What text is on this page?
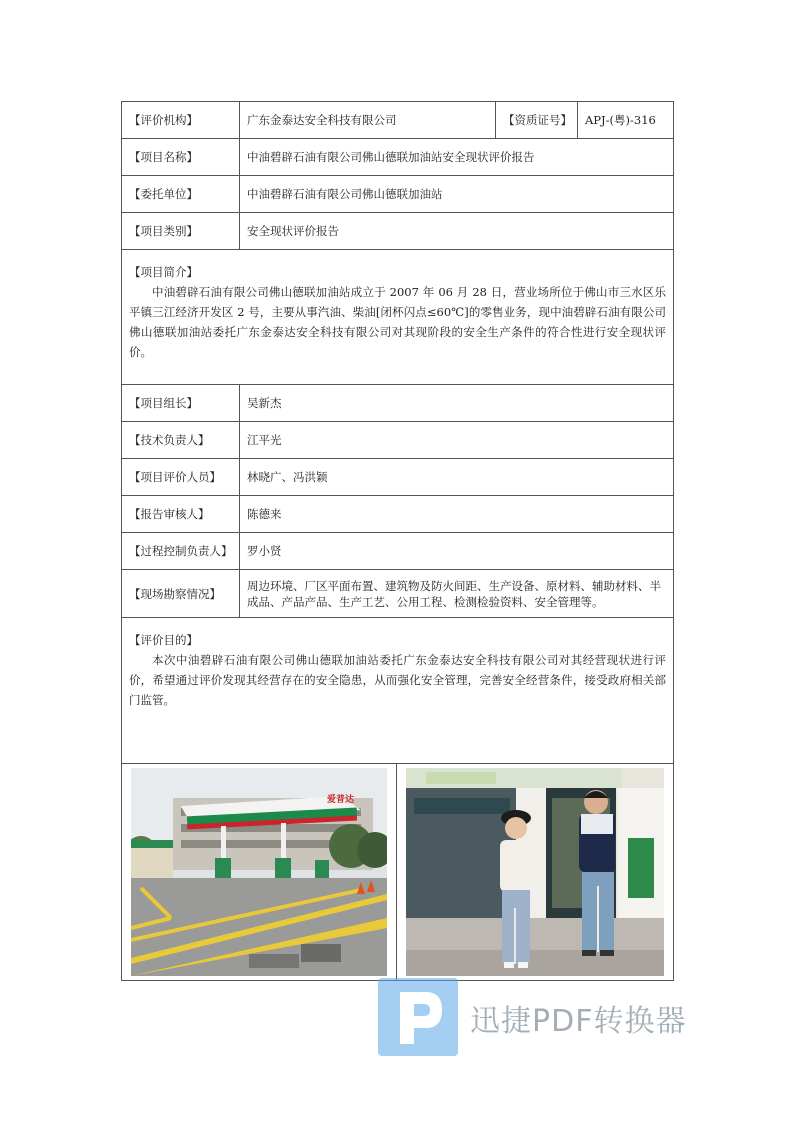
【评价机构】	广东金泰达安全科技有限公司	【资质证号】	APJ-(粤)-316
【项目名称】	中油碧辟石油有限公司佛山德联加油站安全现状评价报告		
【委托单位】	中油碧辟石油有限公司佛山德联加油站		
【项目类别】	安全现状评价报告		

【项目简介】
中油碧辟石油有限公司佛山德联加油站成立于 2007 年 06 月 28 日，营业场所位于佛山市三水区乐平镇三江经济开发区 2 号，主要从事汽油、柴油[闭杯闪点≤60℃]的零售业务，现中油碧辟石油有限公司佛山德联加油站委托广东金泰达安全科技有限公司对其现阶段的安全生产条件的符合性进行安全现状评价。			

【项目组长】	吴新杰		
【技术负责人】	江平光		
【项目评价人员】	林晓广、冯洪颖		
【报告审核人】	陈德来		
【过程控制负责人】	罗小贤		
【现场勘察情况】	周边环境、厂区平面布置、建筑物及防火间距、生产设备、原材料、辅助材料、半成品、产品产品、生产工艺、公用工程、检测检验资料、安全管理等。		

【评价目的】
本次中油碧辟石油有限公司佛山德联加油站委托广东金泰达安全科技有限公司对其经营现状进行评价，希望通过评价发现其经营存在的安全隐患，从而强化安全管理，完善安全经营条件，接受政府相关部门监管。			

爱普达			
迅捷PDF转换器
